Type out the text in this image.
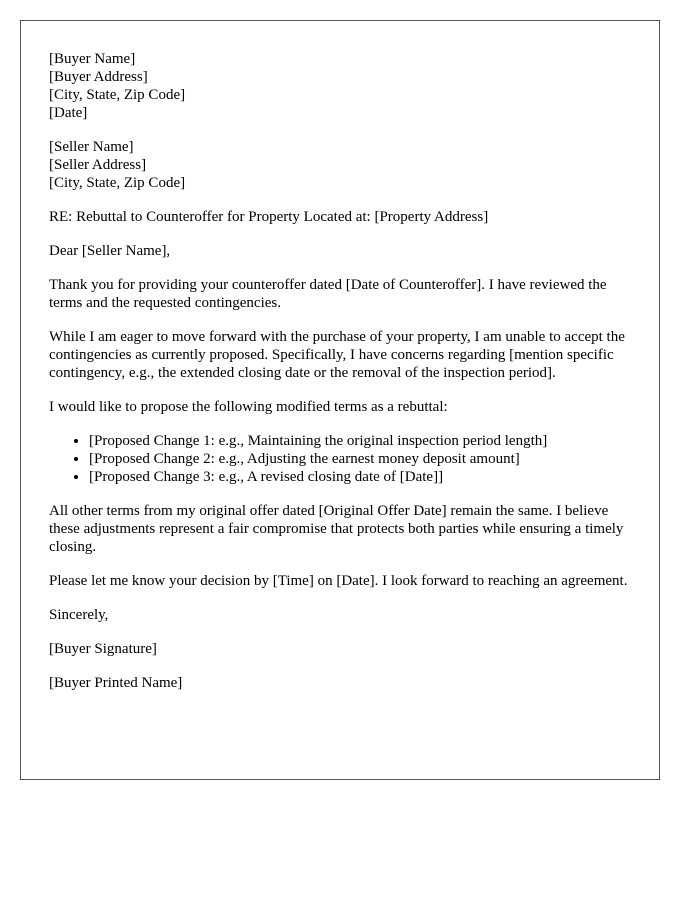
[Buyer Name]
[Buyer Address]
[City, State, Zip Code]
[Date]
[Seller Name]
[Seller Address]
[City, State, Zip Code]

RE: Rebuttal to Counteroffer for Property Located at: [Property Address]

Dear [Seller Name],

Thank you for providing your counteroffer dated [Date of Counteroffer]. I have reviewed the terms and the requested contingencies.

While I am eager to move forward with the purchase of your property, I am unable to accept the contingencies as currently proposed. Specifically, I have concerns regarding [mention specific contingency, e.g., the extended closing date or the removal of the inspection period].

I would like to propose the following modified terms as a rebuttal:

• [Proposed Change 1: e.g., Maintaining the original inspection period length]
• [Proposed Change 2: e.g., Adjusting the earnest money deposit amount]
• [Proposed Change 3: e.g., A revised closing date of [Date]]

All other terms from my original offer dated [Original Offer Date] remain the same. I believe these adjustments represent a fair compromise that protects both parties while ensuring a timely closing.

Please let me know your decision by [Time] on [Date]. I look forward to reaching an agreement.

Sincerely,

[Buyer Signature]

[Buyer Printed Name]
